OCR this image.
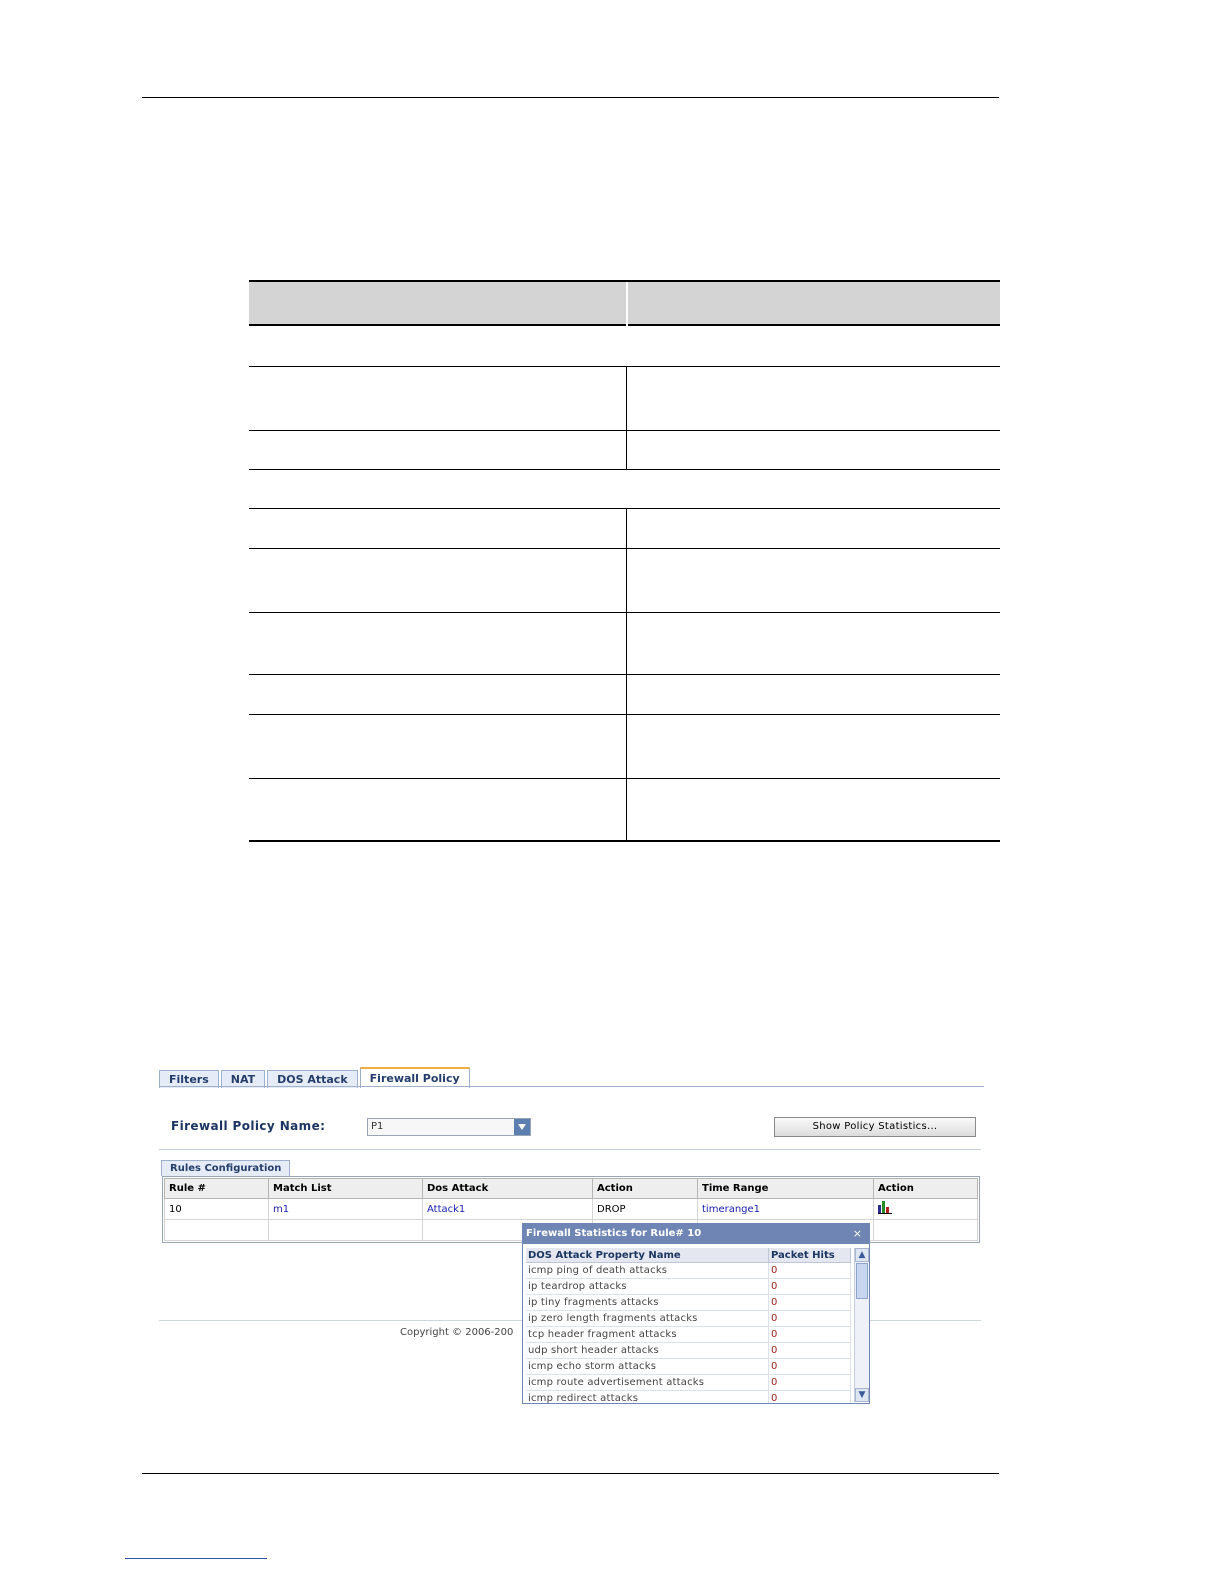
Filters	NAT	DOS Attack	Firewall Policy
Firewall Policy Name:	P1	Show Policy Statistics...
Rules Configuration
Rule #	Match List	Dos Attack	Action	Time Range	Action
10	m1	Attack1	DROP	timerange1	

Copyright © 2006-200
Firewall Statistics for Rule# 10	×
DOS Attack Property Name	Packet Hits
icmp ping of death attacks	0
ip teardrop attacks	0
ip tiny fragments attacks	0
ip zero length fragments attacks	0
tcp header fragment attacks	0
udp short header attacks	0
icmp echo storm attacks	0
icmp route advertisement attacks	0
icmp redirect attacks	0
▲
▼
